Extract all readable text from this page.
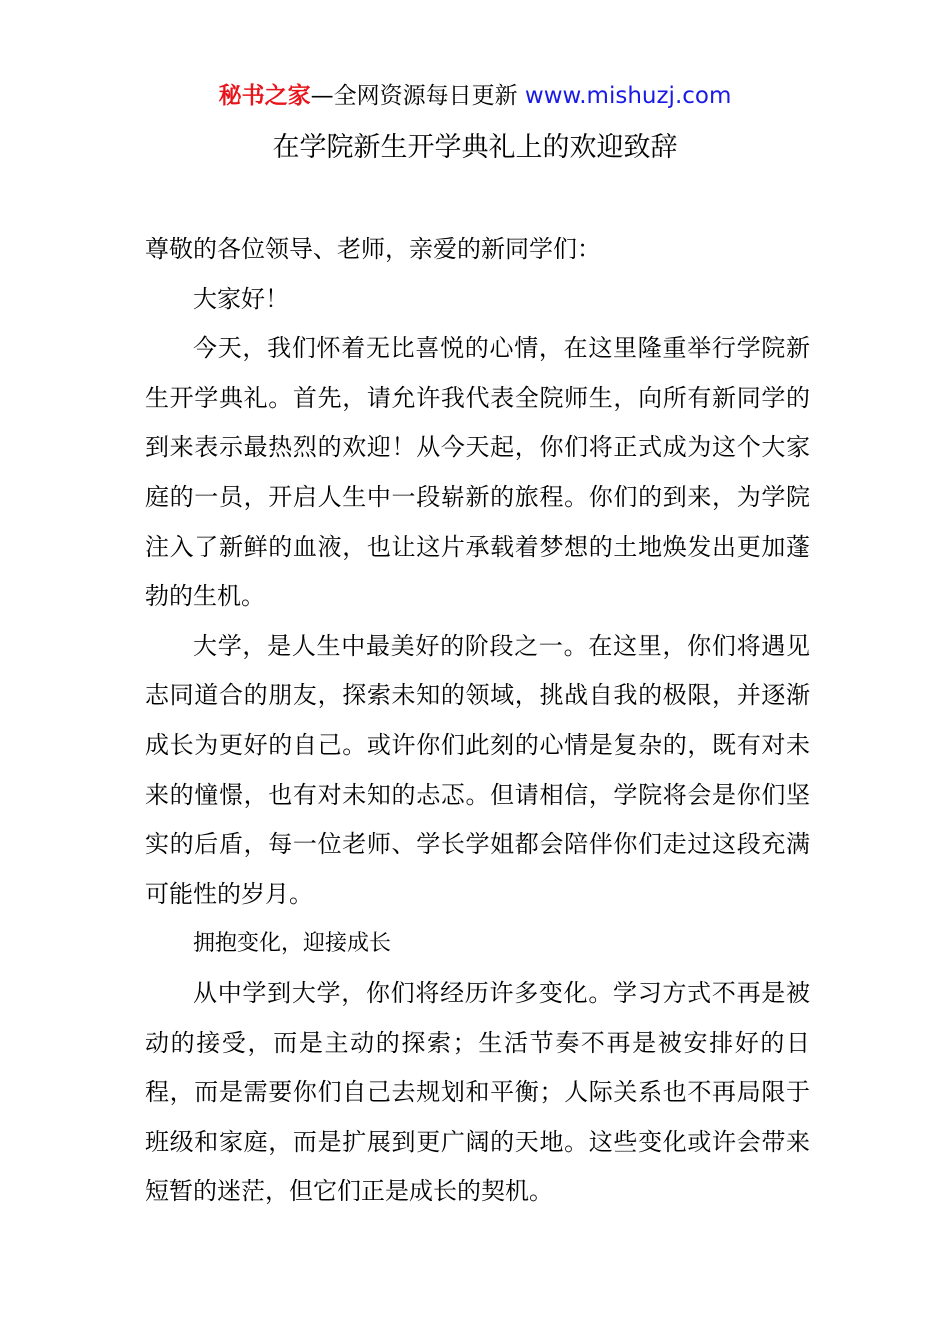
秘书之家—全网资源每日更新 www.mishuzj.com
在学院新生开学典礼上的欢迎致辞

尊敬的各位领导、老师，亲爱的新同学们：

大家好！

今天，我们怀着无比喜悦的心情，在这里隆重举行学院新生开学典礼。首先，请允许我代表全院师生，向所有新同学的到来表示最热烈的欢迎！从今天起，你们将正式成为这个大家庭的一员，开启人生中一段崭新的旅程。你们的到来，为学院注入了新鲜的血液，也让这片承载着梦想的土地焕发出更加蓬勃的生机。

大学，是人生中最美好的阶段之一。在这里，你们将遇见志同道合的朋友，探索未知的领域，挑战自我的极限，并逐渐成长为更好的自己。或许你们此刻的心情是复杂的，既有对未来的憧憬，也有对未知的忐忑。但请相信，学院将会是你们坚实的后盾，每一位老师、学长学姐都会陪伴你们走过这段充满可能性的岁月。

拥抱变化，迎接成长

从中学到大学，你们将经历许多变化。学习方式不再是被动的接受，而是主动的探索；生活节奏不再是被安排好的日程，而是需要你们自己去规划和平衡；人际关系也不再局限于班级和家庭，而是扩展到更广阔的天地。这些变化或许会带来短暂的迷茫，但它们正是成长的契机。
